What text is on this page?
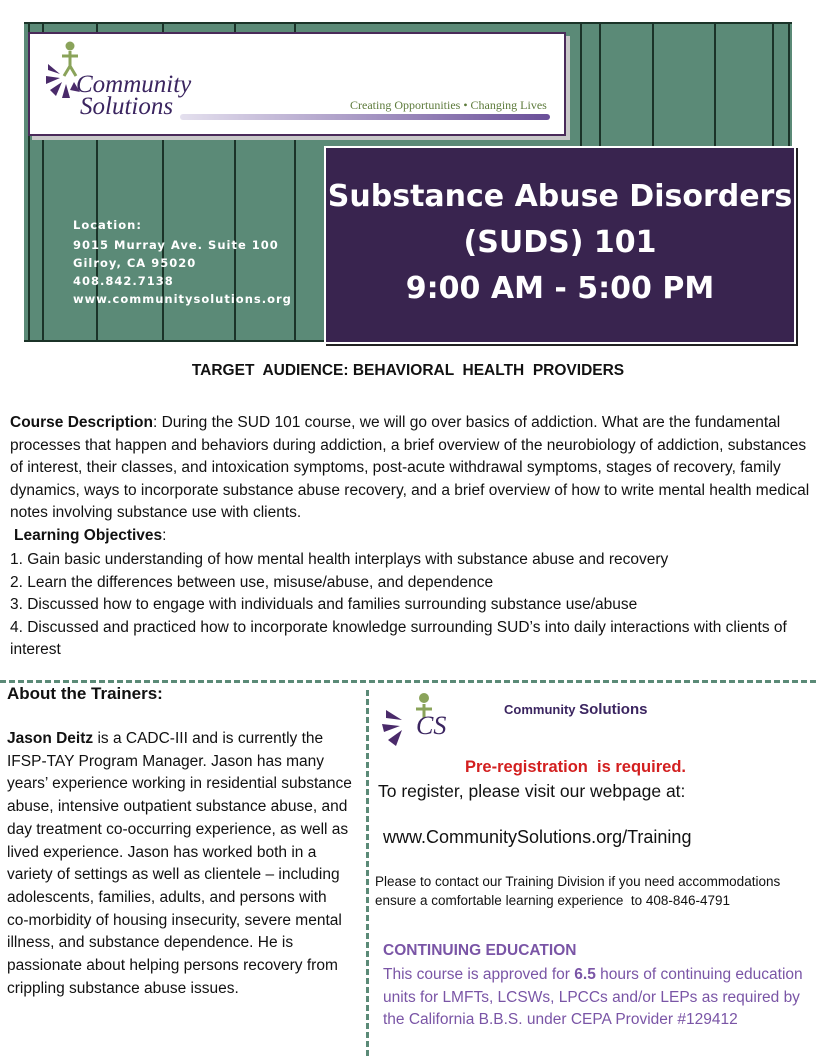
Location:
9015 Murray Ave. Suite 100
Gilroy, CA 95020
408.842.7138
www.communitysolutions.org
Community
Solutions	Creating Opportunities • Changing Lives
Substance Abuse Disorders
(SUDS) 101
9:00 AM - 5:00 PM
TARGET  AUDIENCE: BEHAVIORAL  HEALTH  PROVIDERS
Course Description: During the SUD 101 course, we will go over basics of addiction. What are the fundamental processes that happen and behaviors during addiction, a brief overview of the neurobiology of addiction, substances of interest, their classes, and intoxication symptoms, post-acute withdrawal symptoms, stages of recovery, family dynamics, ways to incorporate substance abuse recovery, and a brief overview of how to write mental health medical notes involving substance use with clients.
Learning Objectives:
1. Gain basic understanding of how mental health interplays with substance abuse and recovery
2. Learn the differences between use, misuse/abuse, and dependence
3. Discussed how to engage with individuals and families surrounding substance use/abuse
4. Discussed and practiced how to incorporate knowledge surrounding SUD’s into daily interactions with clients of interest
About the Trainers:
Jason Deitz is a CADC-III and is currently the IFSP-TAY Program Manager. Jason has many years’ experience working in residential substance abuse, intensive outpatient substance abuse, and day treatment co-occurring experience, as well as lived experience. Jason has worked both in a variety of settings as well as clientele – including adolescents, families, adults, and persons with co-morbidity of housing insecurity, severe mental illness, and substance dependence. He is passionate about helping persons recovery from crippling substance abuse issues.
CS
Community Solutions
Pre-registration  is required.
To register, please visit our webpage at:
www.CommunitySolutions.org/Training
Please to contact our Training Division if you need accommodations ensure a comfortable learning experience  to 408-846-4791
CONTINUING EDUCATION
This course is approved for 6.5 hours of continuing education units for LMFTs, LCSWs, LPCCs and/or LEPs as required by the California B.B.S. under CEPA Provider #129412
